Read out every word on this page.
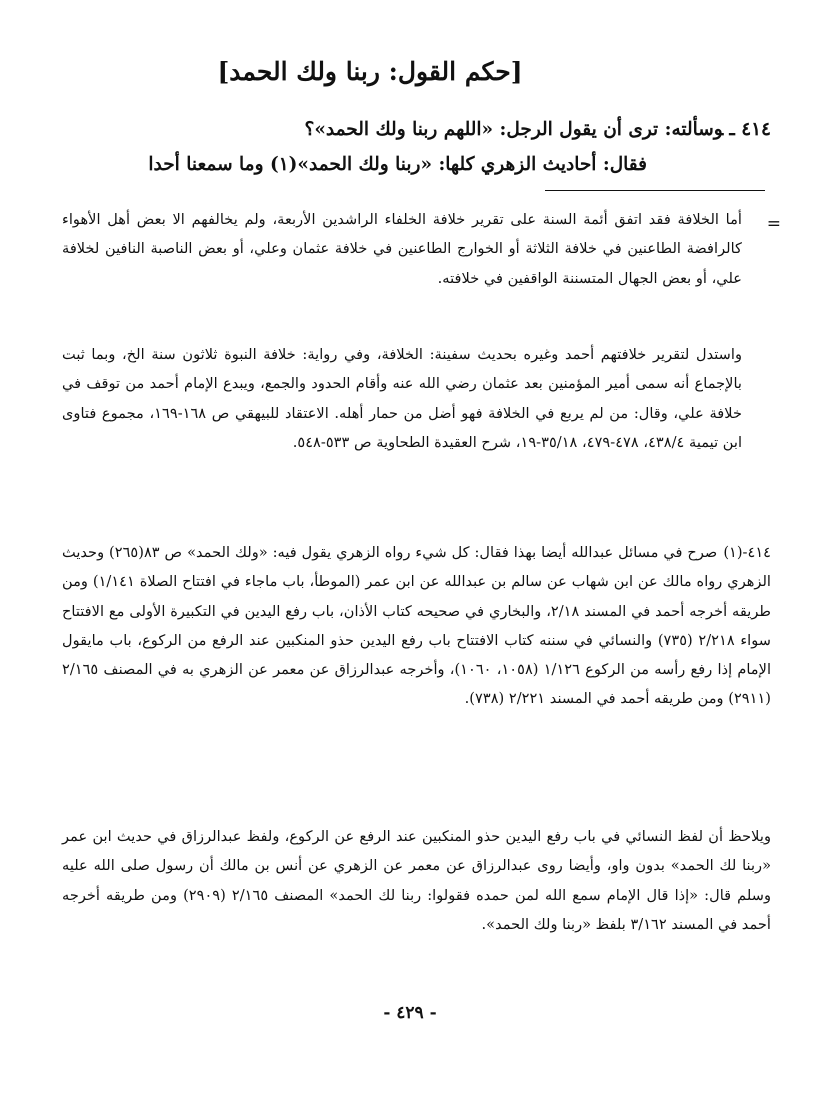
[حكم القول: ربنا ولك الحمد]

٤١٤ ـوسألته: ترى أن يقول الرجل: «اللهم ربنا ولك الحمد»؟

فقال: أحاديث الزهري كلها: «ربنا ولك الحمد»(١) وما سمعنا أحدا

=

أما الخلافة فقد اتفق أئمة السنة على تقرير خلافة الخلفاء الراشدين الأربعة، ولم يخالفهم الا بعض أهل الأهواء كالرافضة الطاعنين في خلافة الثلاثة أو الخوارج الطاعنين في خلافة عثمان وعلي، أو بعض الناصبة النافين لخلافة علي، أو بعض الجهال المتسننة الواقفين في خلافته.

واستدل لتقرير خلافتهم أحمد وغيره بحديث سفينة: الخلافة، وفي رواية: خلافة النبوة ثلاثون سنة الخ، وبما ثبت بالإجماع أنه سمى أمير المؤمنين بعد عثمان رضي الله عنه وأقام الحدود والجمع، ويبدع الإمام أحمد من توقف في خلافة علي، وقال: من لم يربع في الخلافة فهو أضل من حمار أهله. الاعتقاد للبيهقي ص ١٦٨-١٦٩، مجموع فتاوى ابن تيمية ٤٣٨/٤، ٤٧٨-٤٧٩، ٣٥/١٨-١٩، شرح العقيدة الطحاوية ص ٥٣٣-٥٤٨.

٤١٤-(١)صرح في مسائل عبدالله أيضا بهذا فقال: كل شيء رواه الزهري يقول فيه: «ولك الحمد» ص ٨٣(٢٦٥) وحديث الزهري رواه مالك عن ابن شهاب عن سالم بن عبدالله عن ابن عمر (الموطأ، باب ماجاء في افتتاح الصلاة ١/١٤١) ومن طريقه أخرجه أحمد في المسند ٢/١٨، والبخاري في صحيحه كتاب الأذان، باب رفع اليدين في التكبيرة الأولى مع الافتتاح سواء ٢/٢١٨ (٧٣٥) والنسائي في سننه كتاب الافتتاح باب رفع اليدين حذو المنكبين عند الرفع من الركوع، باب مايقول الإمام إذا رفع رأسه من الركوع ١/١٢٦ (١٠٥٨، ١٠٦٠)، وأخرجه عبدالرزاق عن معمر عن الزهري به في المصنف ٢/١٦٥ (٢٩١١) ومن طريقه أحمد في المسند ٢/٢٢١ (٧٣٨).

ويلاحظ أن لفظ النسائي في باب رفع اليدين حذو المنكبين عند الرفع عن الركوع، ولفظ عبدالرزاق في حديث ابن عمر «ربنا لك الحمد» بدون واو، وأيضا روى عبدالرزاق عن معمر عن الزهري عن أنس بن مالك أن رسول صلى الله عليه وسلم قال: «إذا قال الإمام سمع الله لمن حمده فقولوا: ربنا لك الحمد» المصنف ٢/١٦٥ (٢٩٠٩) ومن طريقه أخرجه أحمد في المسند ٣/١٦٢ بلفظ «ربنا ولك الحمد».

- ٤٢٩ -
